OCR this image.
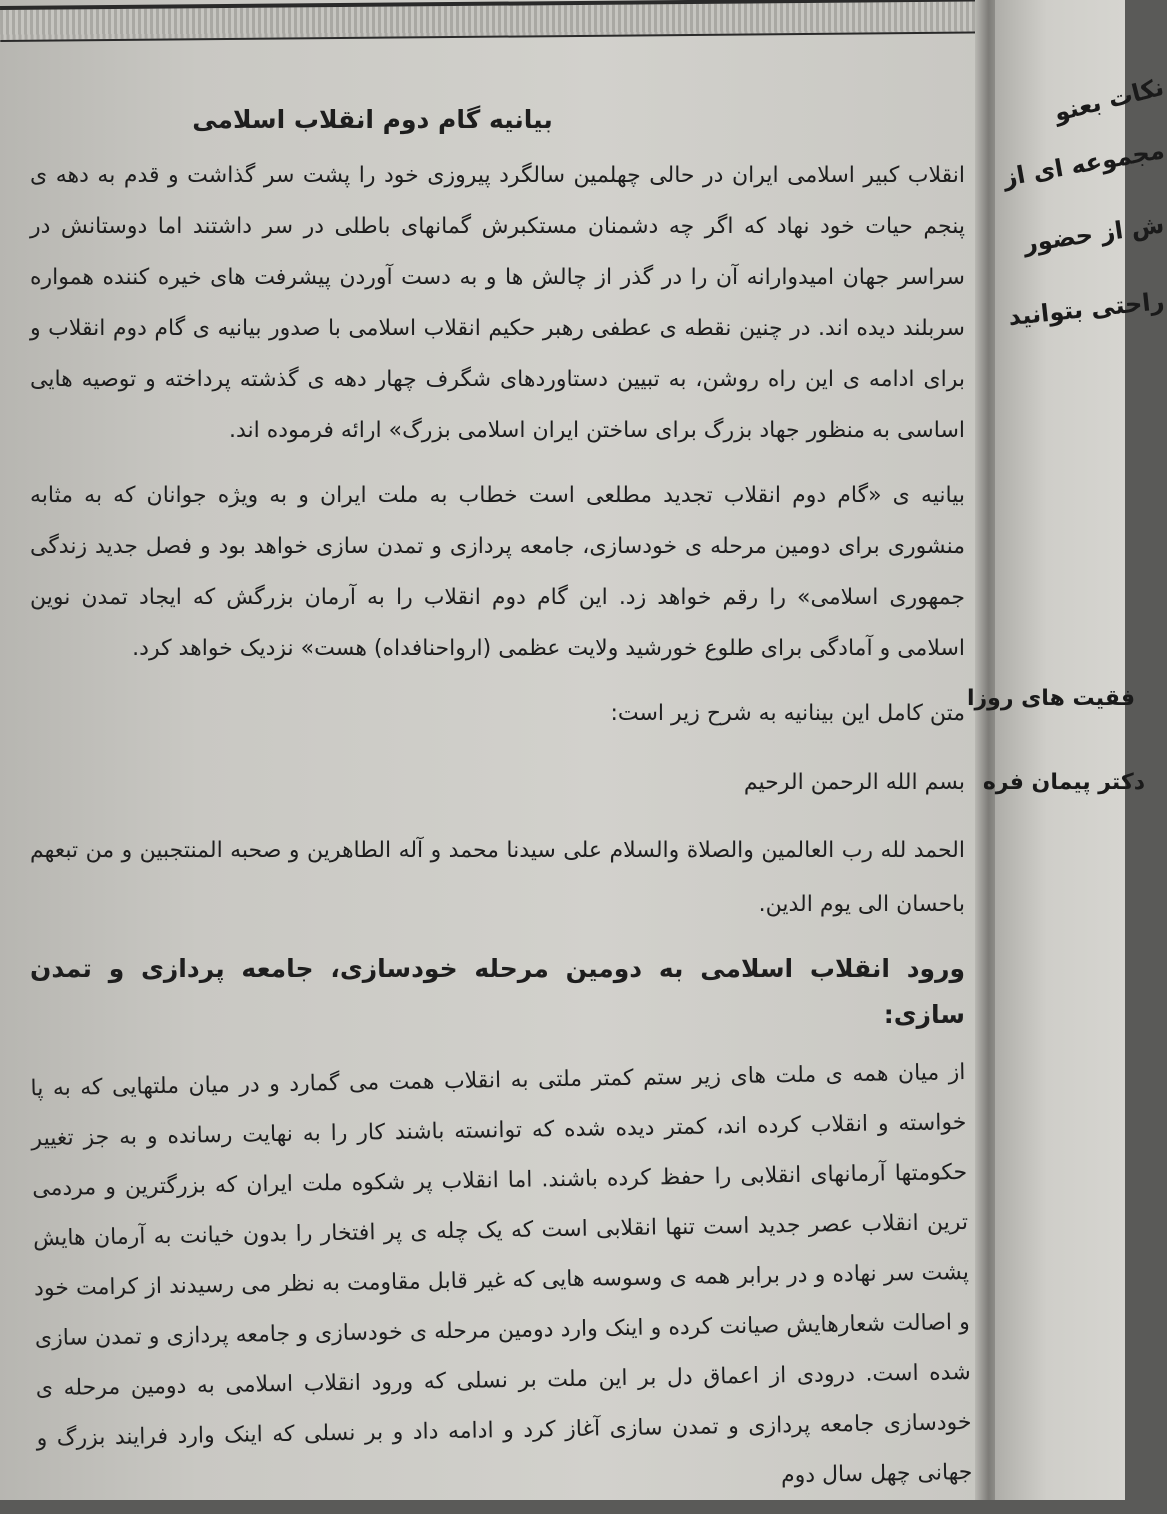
بیانیه گام دوم انقلاب اسلامی

انقلاب کبیر اسلامی ایران در حالی چهلمین سالگرد پیروزی خود را پشت سر گذاشت و قدم به دهه ی پنجم حیات خود نهاد که اگر چه دشمنان مستکبرش گمانهای باطلی در سر داشتند اما دوستانش در سراسر جهان امیدوارانه آن را در گذر از چالش ها و به دست آوردن پیشرفت های خیره کننده همواره سربلند دیده اند. در چنین نقطه ی عطفی رهبر حکیم انقلاب اسلامی با صدور بیانیه ی گام دوم انقلاب و برای ادامه ی این راه روشن، به تبیین دستاوردهای شگرف چهار دهه ی گذشته پرداخته و توصیه هایی اساسی به منظور جهاد بزرگ برای ساختن ایران اسلامی بزرگ» ارائه فرموده اند.

بیانیه ی «گام دوم انقلاب تجدید مطلعی است خطاب به ملت ایران و به ویژه جوانان که به مثابه منشوری برای دومین مرحله ی خودسازی، جامعه پردازی و تمدن سازی خواهد بود و فصل جدید زندگی جمهوری اسلامی» را رقم خواهد زد. این گام دوم انقلاب را به آرمان بزرگش که ایجاد تمدن نوین اسلامی و آمادگی برای طلوع خورشید ولایت عظمی (ارواحنافداه) هست» نزدیک خواهد کرد.

متن کامل این بینانیه به شرح زیر است:

بسم الله الرحمن الرحیم

الحمد لله رب العالمین والصلاة والسلام علی سیدنا محمد و آله الطاهرین و صحبه المنتجبین و من تبعهم باحسان الی یوم الدین.

ورود انقلاب اسلامی به دومین مرحله خودسازی، جامعه پردازی و تمدن سازی:

از میان همه ی ملت های زیر ستم کمتر ملتی به انقلاب همت می گمارد و در میان ملتهایی که به پا خواسته و انقلاب کرده اند، کمتر دیده شده که توانسته باشند کار را به نهایت رسانده و به جز تغییر حکومتها آرمانهای انقلابی را حفظ کرده باشند. اما انقلاب پر شکوه ملت ایران که بزرگترین و مردمی ترین انقلاب عصر جدید است تنها انقلابی است که یک چله ی پر افتخار را بدون خیانت به آرمان هایش پشت سر نهاده و در برابر همه ی وسوسه هایی که غیر قابل مقاومت به نظر می رسیدند از کرامت خود و اصالت شعارهایش صیانت کرده و اینک وارد دومین مرحله ی خودسازی و جامعه پردازی و تمدن سازی شده است. درودی از اعماق دل بر این ملت بر نسلی که ورود انقلاب اسلامی به دومین مرحله ی خودسازی جامعه پردازی و تمدن سازی آغاز کرد و ادامه داد و بر نسلی که اینک وارد فرایند بزرگ و جهانی چهل سال دوم

نکات بعنو
مجموعه ای از
ش از حضور
راحتی بتوانید
فقیت های روزا
دکتر پیمان فره
